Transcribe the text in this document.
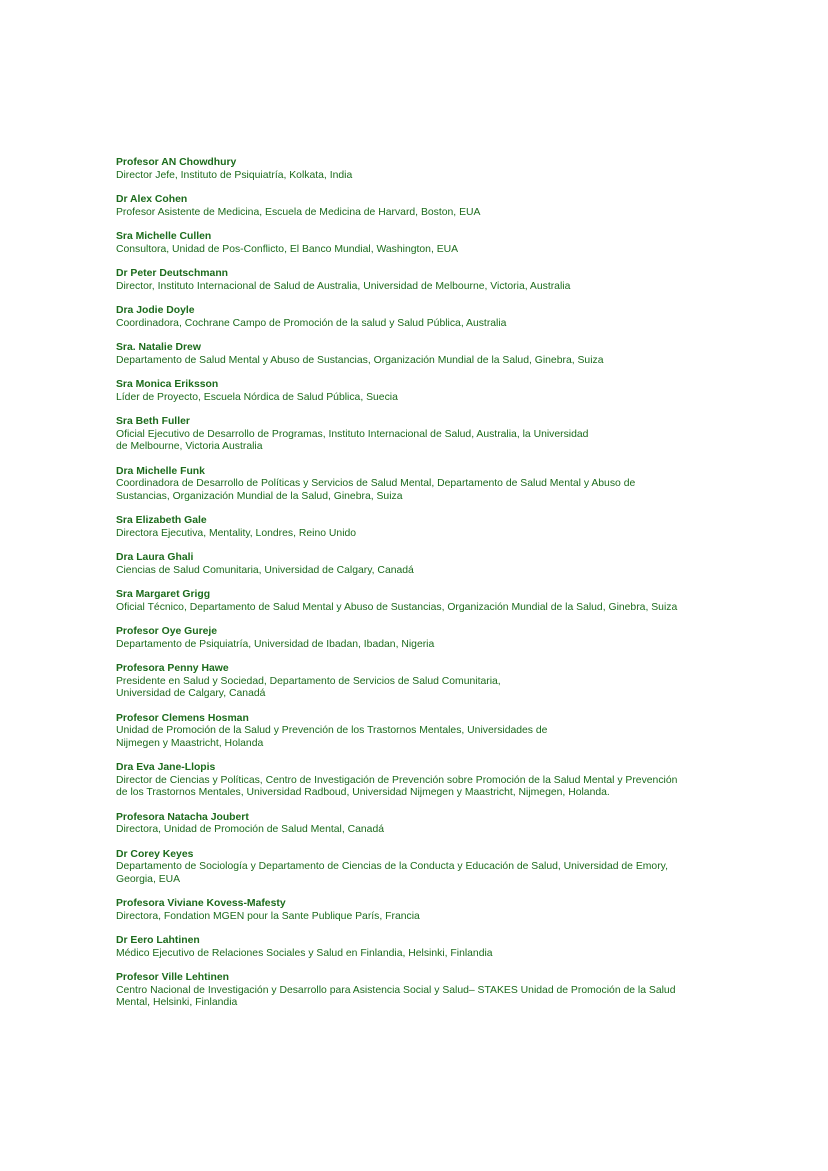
Profesor AN Chowdhury
Director Jefe, Instituto de Psiquiatría, Kolkata, India
Dr Alex Cohen
Profesor Asistente de Medicina, Escuela de Medicina de Harvard, Boston, EUA
Sra Michelle Cullen
Consultora, Unidad de Pos-Conflicto, El Banco Mundial, Washington, EUA
Dr Peter Deutschmann
Director, Instituto Internacional de Salud de Australia, Universidad de Melbourne, Victoria, Australia
Dra Jodie Doyle
Coordinadora, Cochrane Campo de Promoción de la salud y Salud Pública, Australia
Sra. Natalie Drew
Departamento de Salud Mental y Abuso de Sustancias, Organización Mundial de la Salud, Ginebra, Suiza
Sra Monica Eriksson
Líder de Proyecto, Escuela Nórdica de Salud Pública, Suecia
Sra Beth Fuller
Oficial Ejecutivo de Desarrollo de Programas, Instituto Internacional de Salud, Australia, la Universidad
de Melbourne, Victoria Australia
Dra Michelle Funk
Coordinadora de Desarrollo de Políticas y Servicios de Salud Mental, Departamento de Salud Mental y Abuso de
Sustancias, Organización Mundial de la Salud, Ginebra, Suiza
Sra Elizabeth Gale
Directora Ejecutiva, Mentality, Londres, Reino Unido
Dra Laura Ghali
Ciencias de Salud Comunitaria, Universidad de Calgary, Canadá
Sra Margaret Grigg
Oficial Técnico, Departamento de Salud Mental y Abuso de Sustancias, Organización Mundial de la Salud, Ginebra, Suiza
Profesor Oye Gureje
Departamento de Psiquiatría, Universidad de Ibadan, Ibadan, Nigeria
Profesora Penny Hawe
Presidente en Salud y Sociedad, Departamento de Servicios de Salud Comunitaria,
Universidad de Calgary, Canadá
Profesor Clemens Hosman
Unidad de Promoción de la Salud y Prevención de los Trastornos Mentales, Universidades de
Nijmegen y Maastricht, Holanda
Dra Eva Jane-Llopis
Director de Ciencias y Políticas, Centro de Investigación de Prevención sobre Promoción de la Salud Mental y Prevención
de los Trastornos Mentales, Universidad Radboud, Universidad Nijmegen y Maastricht, Nijmegen, Holanda.
Profesora Natacha Joubert
Directora, Unidad de Promoción de Salud Mental, Canadá
Dr Corey Keyes
Departamento de Sociología y Departamento de Ciencias de la Conducta y Educación de Salud, Universidad de Emory,
Georgia, EUA
Profesora Viviane Kovess-Mafesty
Directora, Fondation MGEN pour la Sante Publique París, Francia
Dr Eero Lahtinen
Médico Ejecutivo de Relaciones Sociales y Salud en Finlandia, Helsinki, Finlandia
Profesor Ville Lehtinen
Centro Nacional de Investigación y Desarrollo para Asistencia Social y Salud– STAKES Unidad de Promoción de la Salud
Mental, Helsinki, Finlandia
